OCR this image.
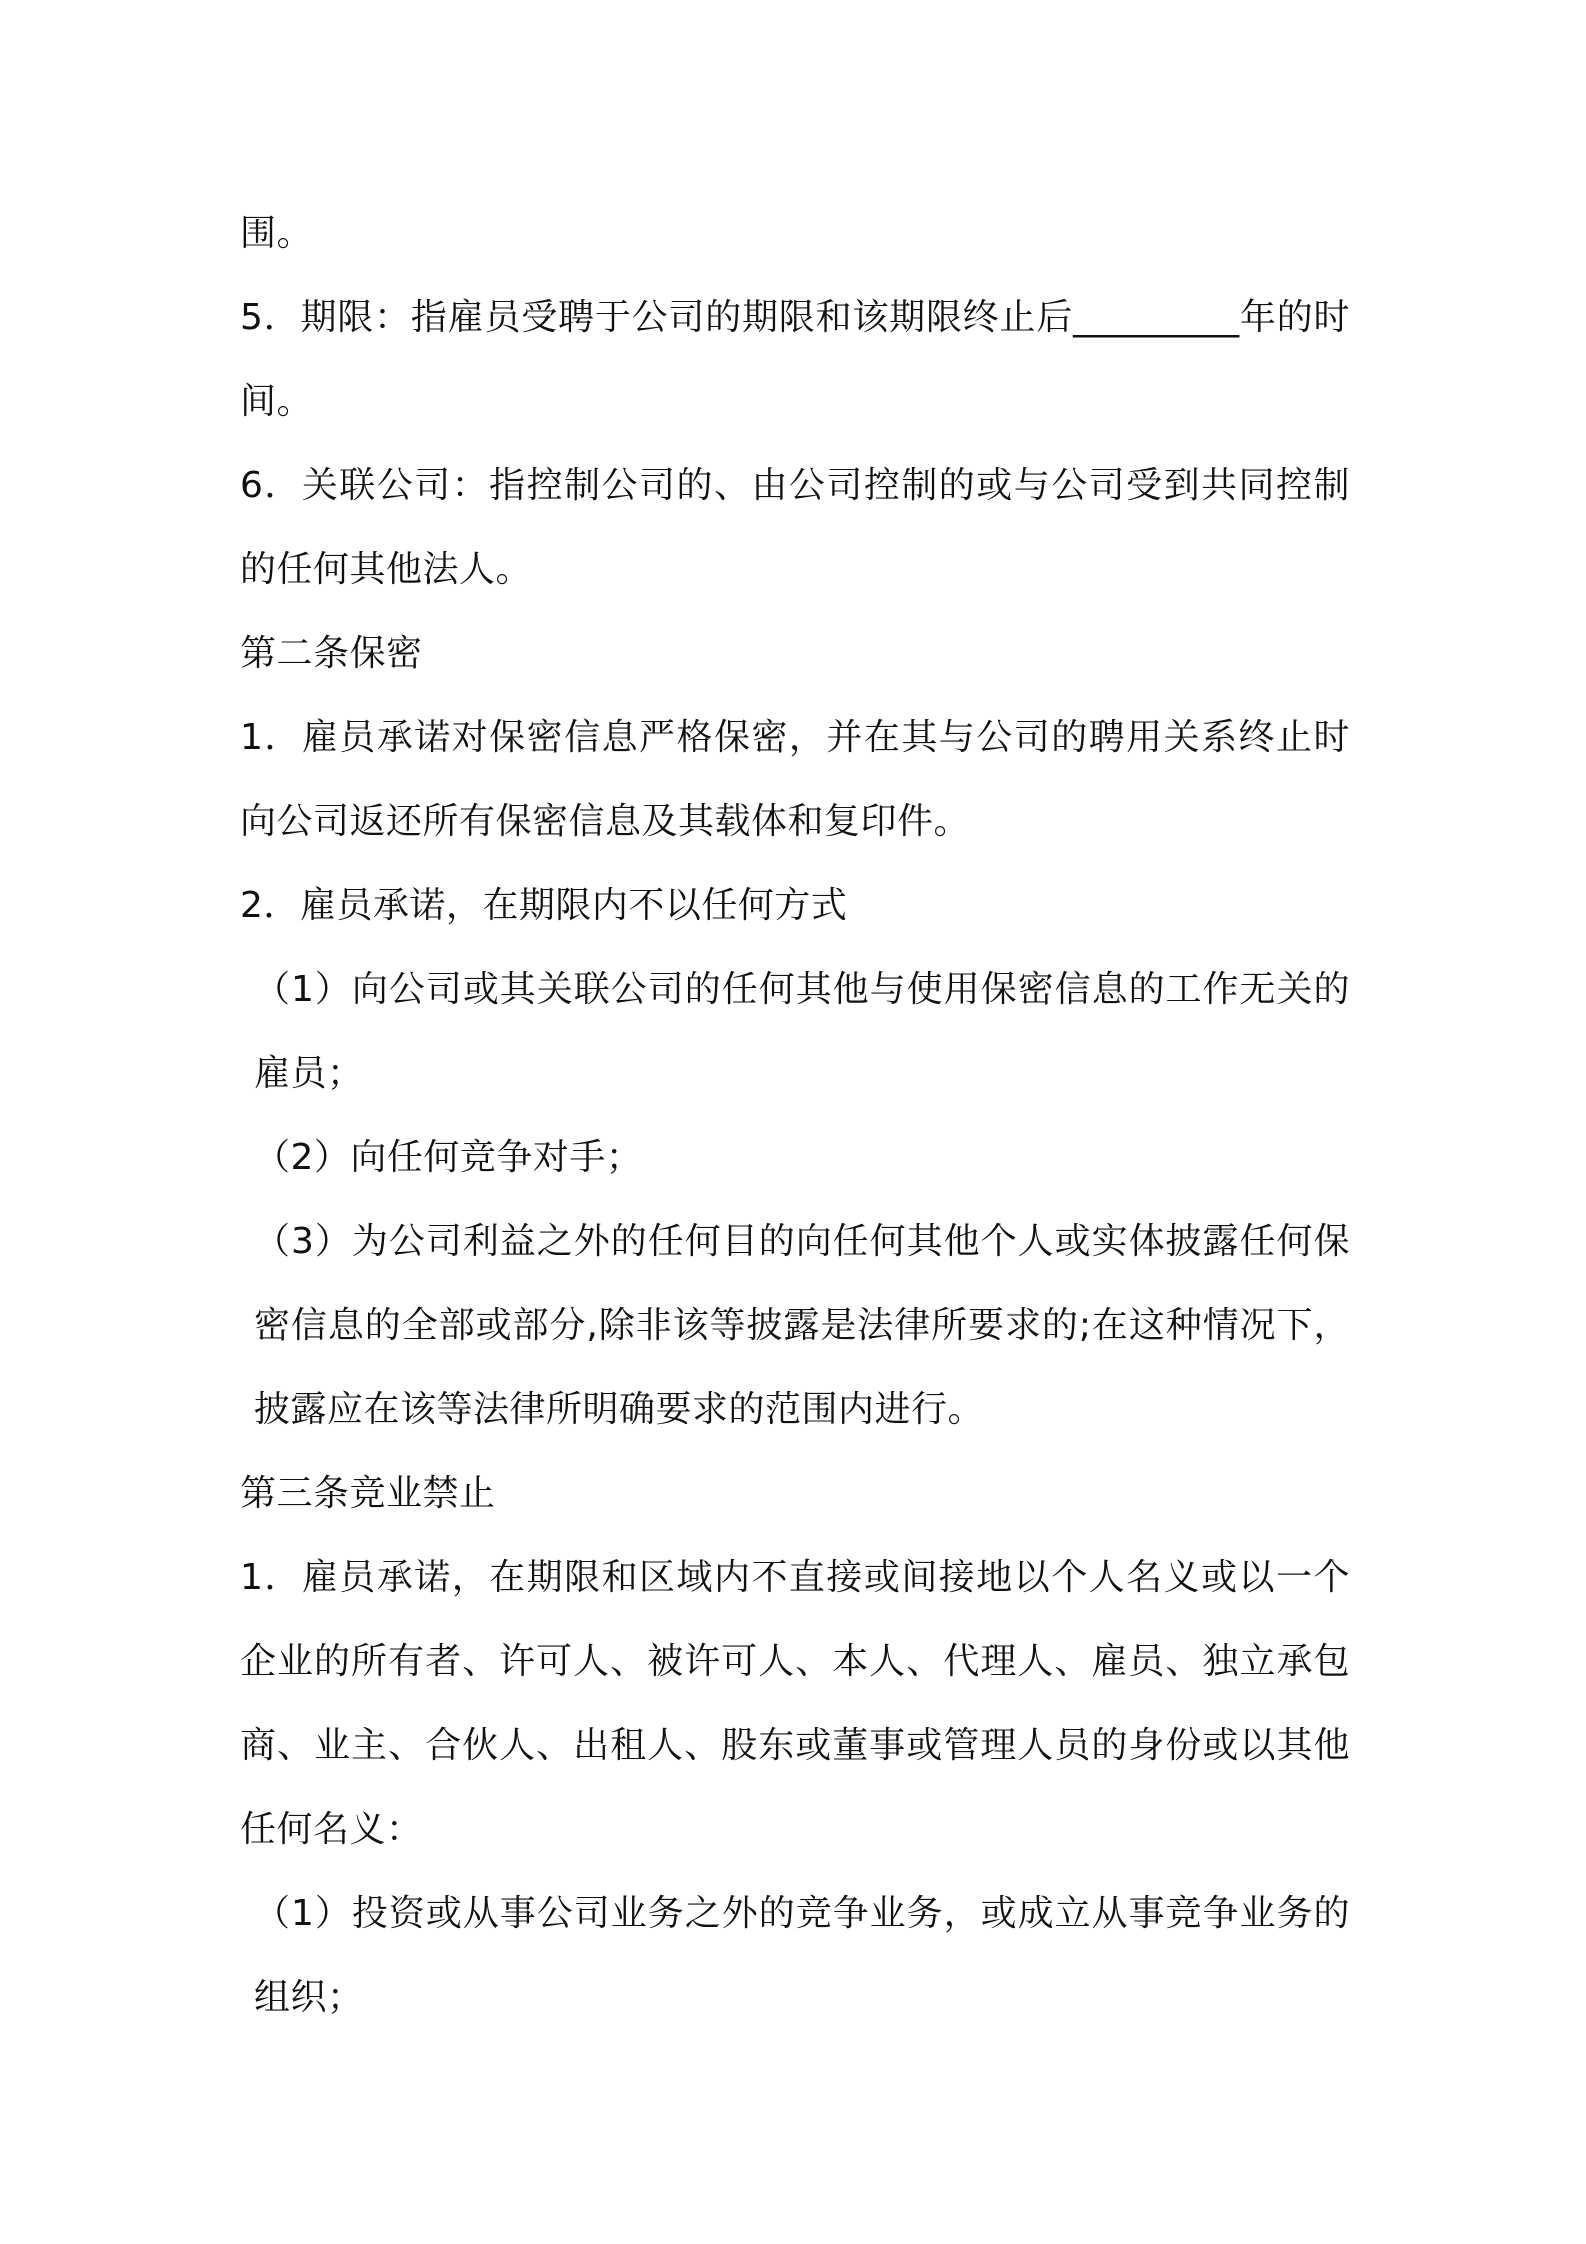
围。

5．期限：指雇员受聘于公司的期限和该期限终止后_________年的时间。

6．关联公司：指控制公司的、由公司控制的或与公司受到共同控制的任何其他法人。

第二条保密

1．雇员承诺对保密信息严格保密，并在其与公司的聘用关系终止时向公司返还所有保密信息及其载体和复印件。

2．雇员承诺，在期限内不以任何方式

（1）向公司或其关联公司的任何其他与使用保密信息的工作无关的雇员；

（2）向任何竞争对手；

（3）为公司利益之外的任何目的向任何其他个人或实体披露任何保密信息的全部或部分,除非该等披露是法律所要求的;在这种情况下，披露应在该等法律所明确要求的范围内进行。

第三条竞业禁止

1．雇员承诺，在期限和区域内不直接或间接地以个人名义或以一个企业的所有者、许可人、被许可人、本人、代理人、雇员、独立承包商、业主、合伙人、出租人、股东或董事或管理人员的身份或以其他任何名义：

（1）投资或从事公司业务之外的竞争业务，或成立从事竞争业务的组织；
